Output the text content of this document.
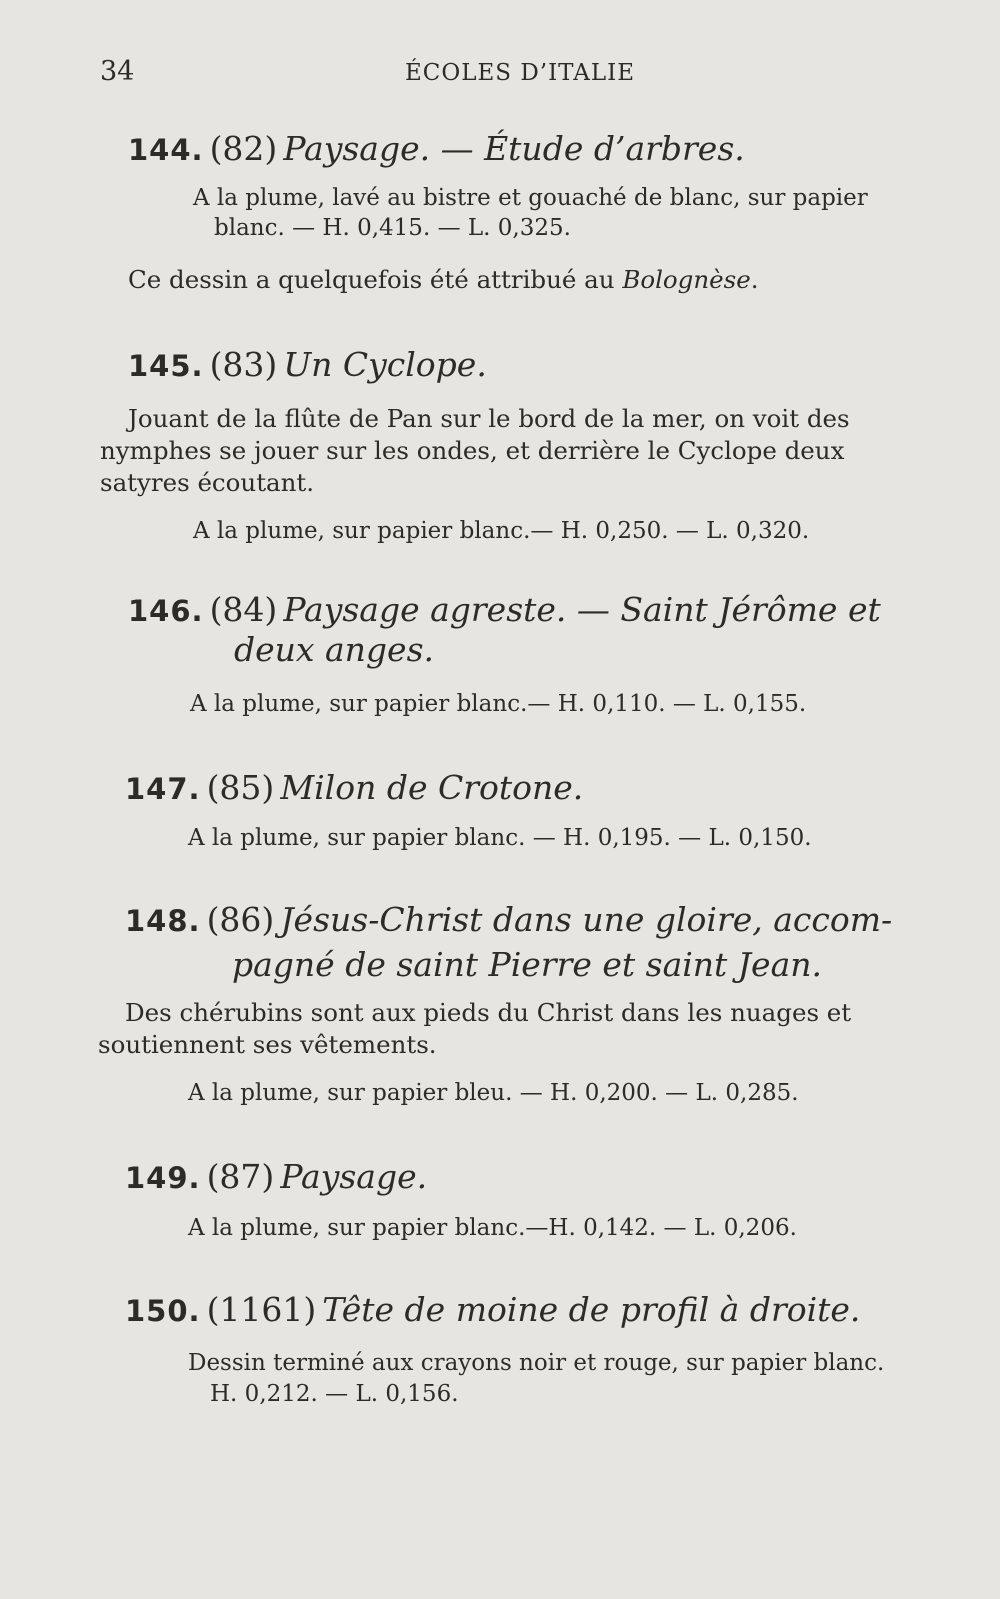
34	ÉCOLES D’ITALIE
144. (82) Paysage. — Étude d’arbres.
A la plume, lavé au bistre et gouaché de blanc, sur papier
blanc. — H. 0,415. — L. 0,325.
Ce dessin a quelquefois été attribué au Bolognèse.
145. (83) Un Cyclope.
Jouant de la flûte de Pan sur le bord de la mer, on voit des
nymphes se jouer sur les ondes, et derrière le Cyclope deux
satyres écoutant.
A la plume, sur papier blanc.— H. 0,250. — L. 0,320.
146. (84) Paysage agreste. — Saint Jérôme et
deux anges.
A la plume, sur papier blanc.— H. 0,110. — L. 0,155.
147. (85) Milon de Crotone.
A la plume, sur papier blanc. — H. 0,195. — L. 0,150.
148. (86) Jésus-Christ dans une gloire, accom-
pagné de saint Pierre et saint Jean.
Des chérubins sont aux pieds du Christ dans les nuages et
soutiennent ses vêtements.
A la plume, sur papier bleu. — H. 0,200. — L. 0,285.
149. (87) Paysage.
A la plume, sur papier blanc.—H. 0,142. — L. 0,206.
150. (1161) Tête de moine de profil à droite.
Dessin terminé aux crayons noir et rouge, sur papier blanc.
H. 0,212. — L. 0,156.
